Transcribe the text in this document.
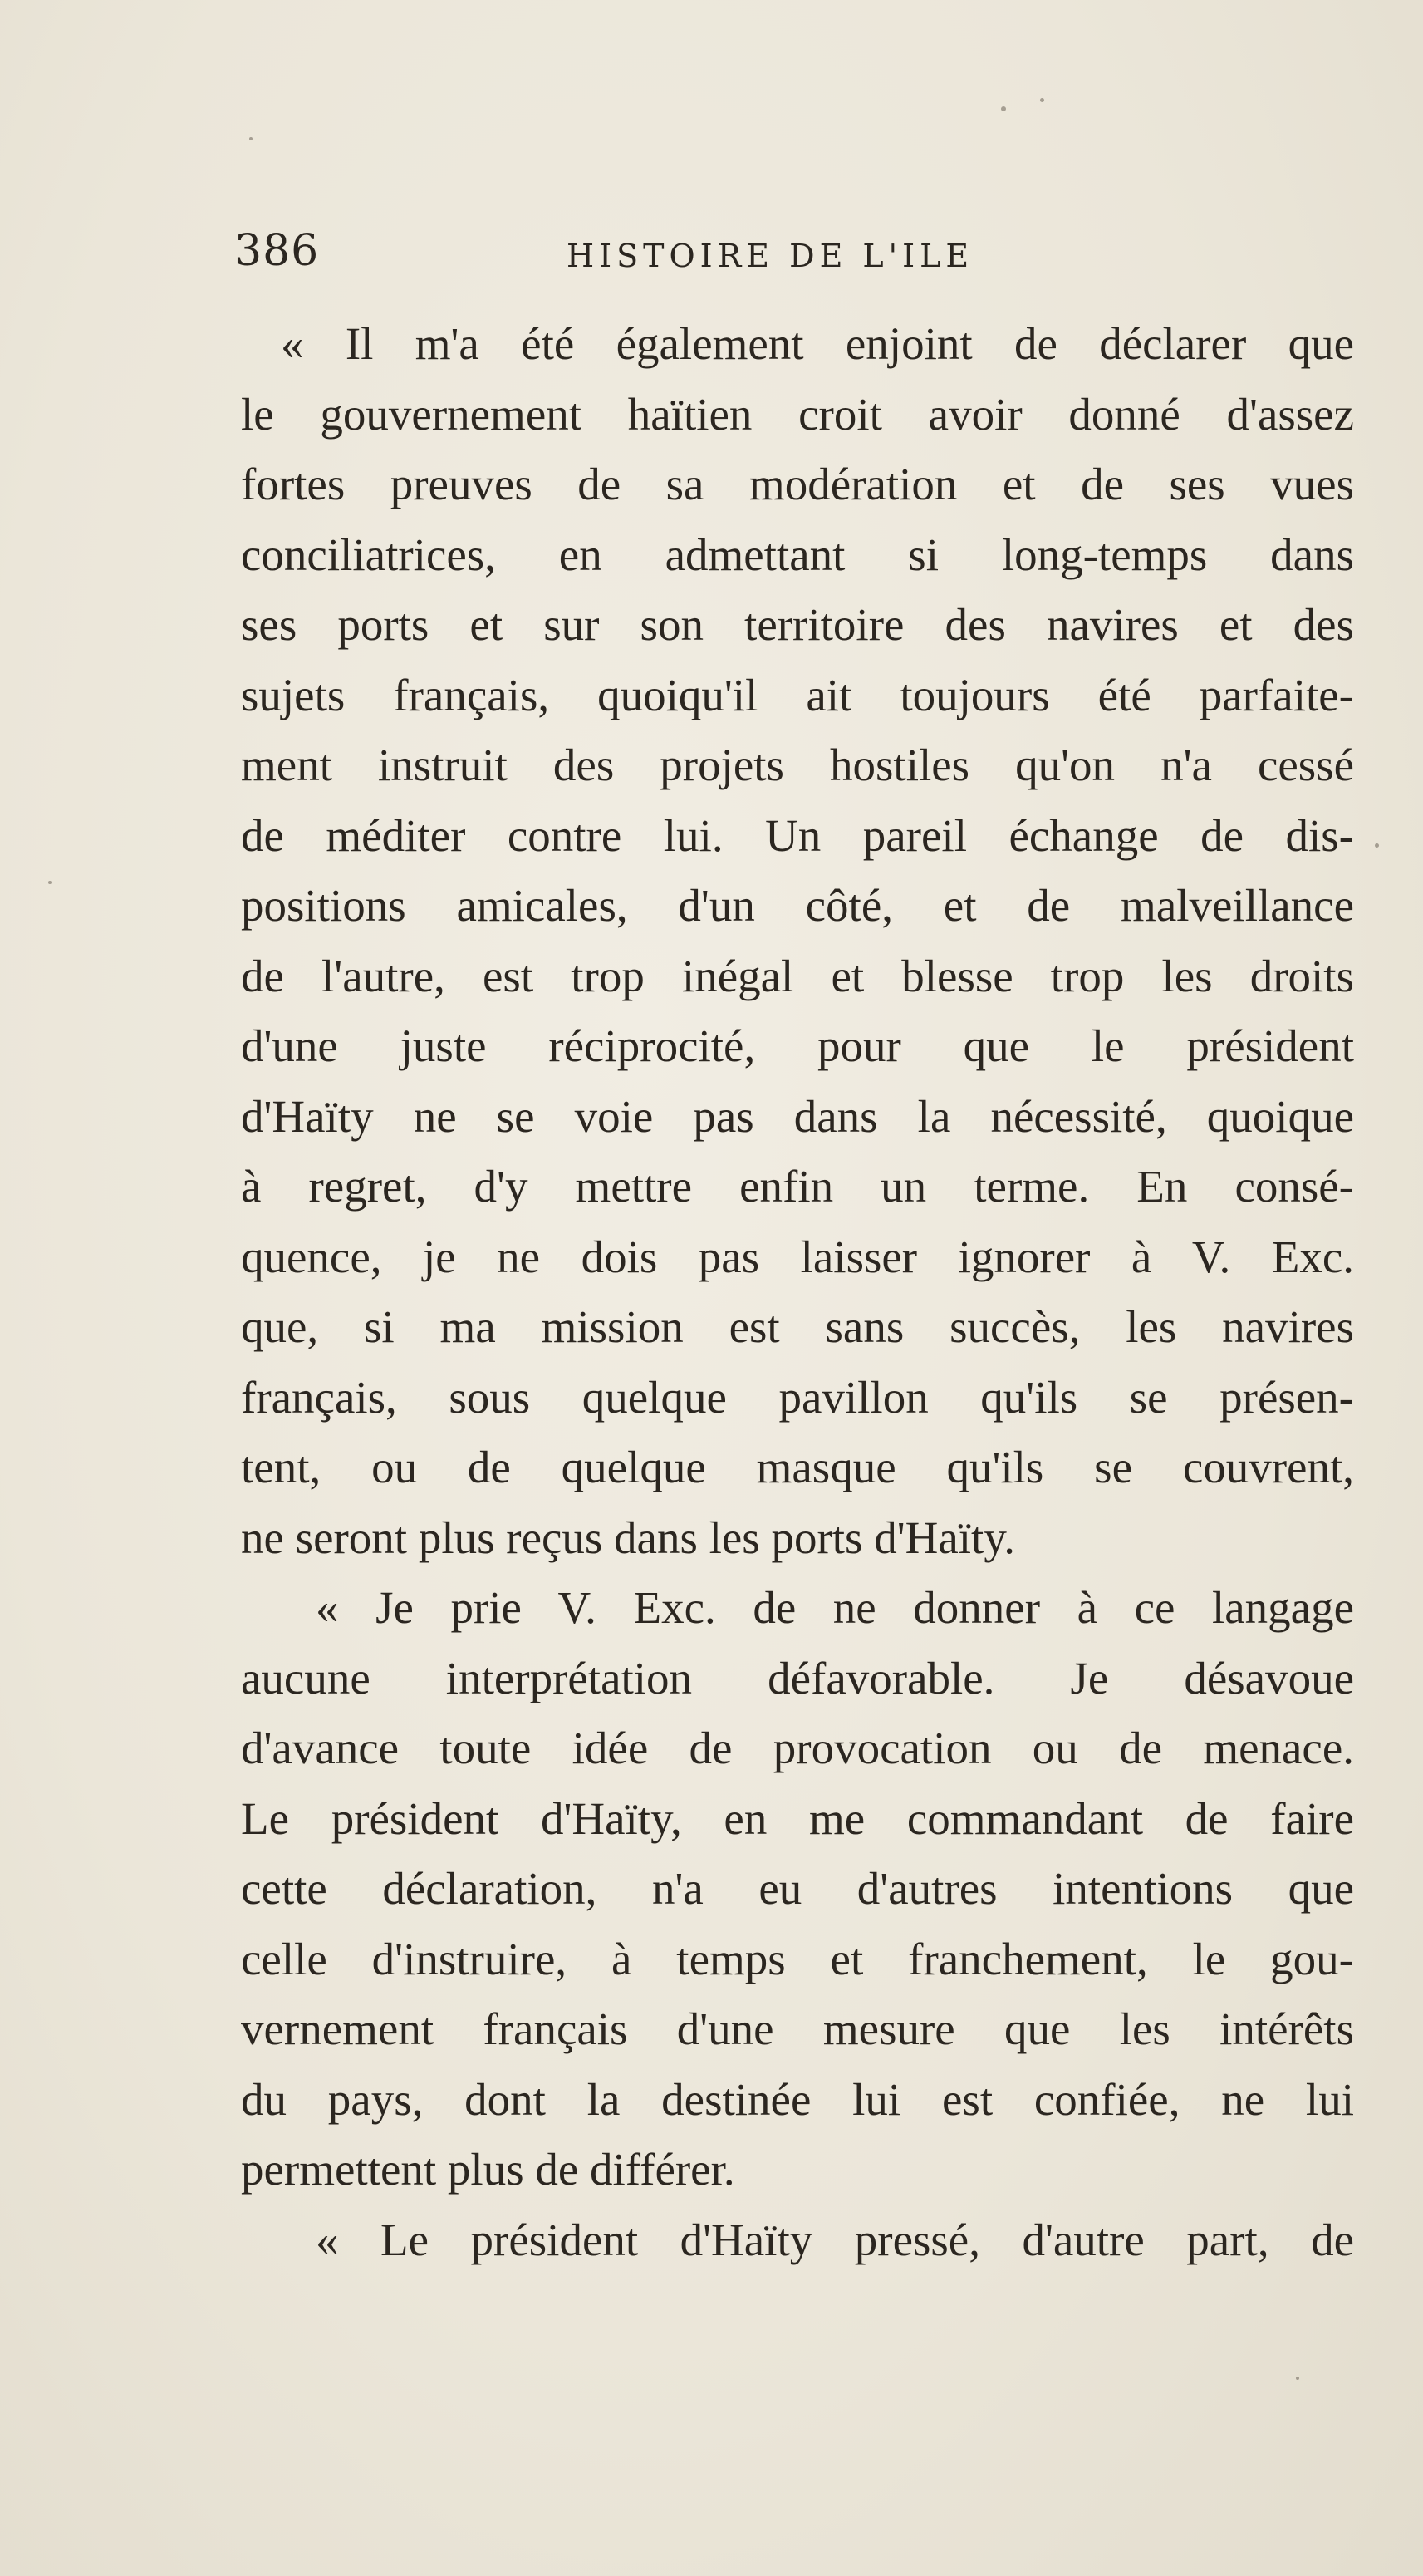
386	HISTOIRE DE L'ILE
« Il m'a été également enjoint de déclarer que
le gouvernement haïtien croit avoir donné d'assez
fortes preuves de sa modération et de ses vues
conciliatrices, en admettant si long-temps dans
ses ports et sur son territoire des navires et des
sujets français, quoiqu'il ait toujours été parfaite-
ment instruit des projets hostiles qu'on n'a cessé
de méditer contre lui. Un pareil échange de dis-
positions amicales, d'un côté, et de malveillance
de l'autre, est trop inégal et blesse trop les droits
d'une juste réciprocité, pour que le président
d'Haïty ne se voie pas dans la nécessité, quoique
à regret, d'y mettre enfin un terme. En consé-
quence, je ne dois pas laisser ignorer à V. Exc.
que, si ma mission est sans succès, les navires
français, sous quelque pavillon qu'ils se présen-
tent, ou de quelque masque qu'ils se couvrent,
ne seront plus reçus dans les ports d'Haïty.
« Je prie V. Exc. de ne donner à ce langage
aucune interprétation défavorable. Je désavoue
d'avance toute idée de provocation ou de menace.
Le président d'Haïty, en me commandant de faire
cette déclaration, n'a eu d'autres intentions que
celle d'instruire, à temps et franchement, le gou-
vernement français d'une mesure que les intérêts
du pays, dont la destinée lui est confiée, ne lui
permettent plus de différer.
« Le président d'Haïty pressé, d'autre part, de
